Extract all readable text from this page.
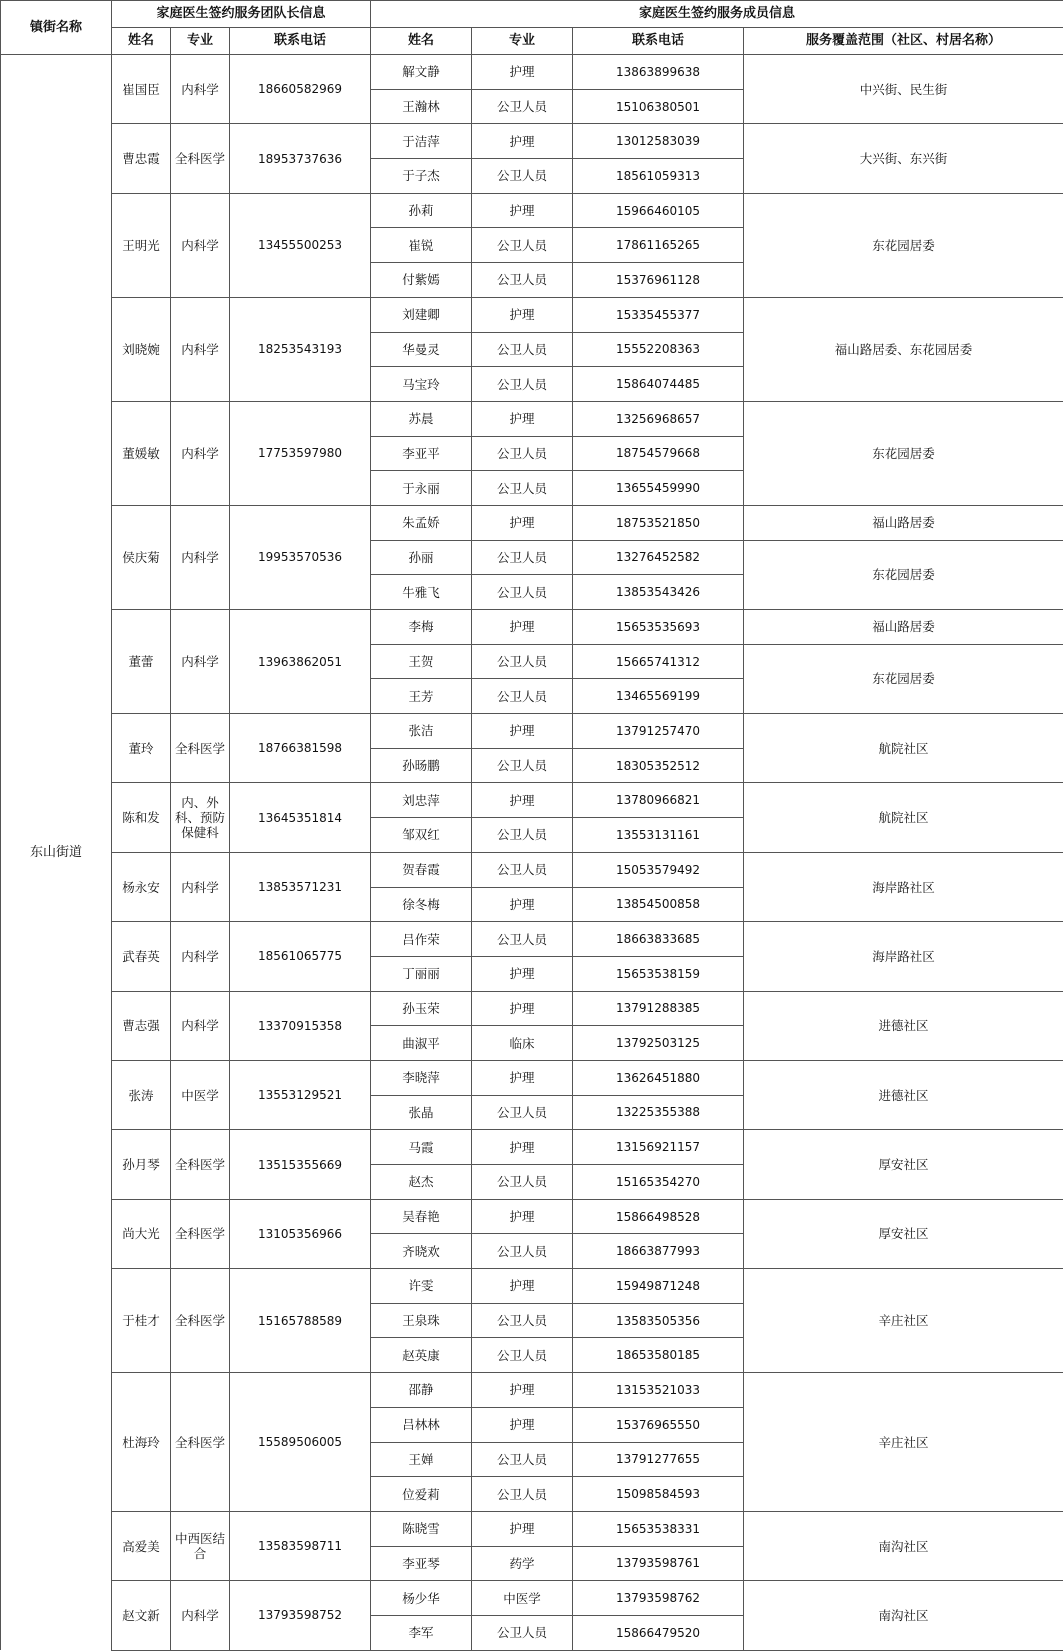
镇街名称	家庭医生签约服务团队长信息			家庭医生签约服务成员信息			
	姓名	专业	联系电话	姓名	专业	联系电话	服务覆盖范围（社区、村居名称）
东山街道	崔国臣	内科学	18660582969	解文静	护理	13863899638	中兴街、民生街
				王瀚林	公卫人员	15106380501	
	曹忠霞	全科医学	18953737636	于洁萍	护理	13012583039	大兴街、东兴街
				于子杰	公卫人员	18561059313	
	王明光	内科学	13455500253	孙莉	护理	15966460105	东花园居委
				崔锐	公卫人员	17861165265	
				付紫嫣	公卫人员	15376961128	
	刘晓婉	内科学	18253543193	刘建卿	护理	15335455377	福山路居委、东花园居委
				华曼灵	公卫人员	15552208363	
				马宝玲	公卫人员	15864074485	
	董媛敏	内科学	17753597980	苏晨	护理	13256968657	东花园居委
				李亚平	公卫人员	18754579668	
				于永丽	公卫人员	13655459990	
	侯庆菊	内科学	19953570536	朱孟娇	护理	18753521850	福山路居委
				孙丽	公卫人员	13276452582	东花园居委
				牛雅飞	公卫人员	13853543426	
	董蕾	内科学	13963862051	李梅	护理	15653535693	福山路居委
				王贺	公卫人员	15665741312	东花园居委
				王芳	公卫人员	13465569199	
	董玲	全科医学	18766381598	张洁	护理	13791257470	航院社区
				孙旸鹏	公卫人员	18305352512	
	陈和发	内、外科、预防保健科	13645351814	刘忠萍	护理	13780966821	航院社区
				邹双红	公卫人员	13553131161	
	杨永安	内科学	13853571231	贺春霞	公卫人员	15053579492	海岸路社区
				徐冬梅	护理	13854500858	
	武春英	内科学	18561065775	吕作荣	公卫人员	18663833685	海岸路社区
				丁丽丽	护理	15653538159	
	曹志强	内科学	13370915358	孙玉荣	护理	13791288385	进德社区
				曲淑平	临床	13792503125	
	张涛	中医学	13553129521	李晓萍	护理	13626451880	进德社区
				张晶	公卫人员	13225355388	
	孙月琴	全科医学	13515355669	马霞	护理	13156921157	厚安社区
				赵杰	公卫人员	15165354270	
	尚大光	全科医学	13105356966	吴春艳	护理	15866498528	厚安社区
				齐晓欢	公卫人员	18663877993	
	于桂才	全科医学	15165788589	许雯	护理	15949871248	辛庄社区
				王泉珠	公卫人员	13583505356	
				赵英康	公卫人员	18653580185	
	杜海玲	全科医学	15589506005	邵静	护理	13153521033	辛庄社区
				吕林林	护理	15376965550	
				王婵	公卫人员	13791277655	
				位爱莉	公卫人员	15098584593	
	高爱美	中西医结合	13583598711	陈晓雪	护理	15653538331	南沟社区
				李亚琴	药学	13793598761	
	赵文新	内科学	13793598752	杨少华	中医学	13793598762	南沟社区
				李军	公卫人员	15866479520	
